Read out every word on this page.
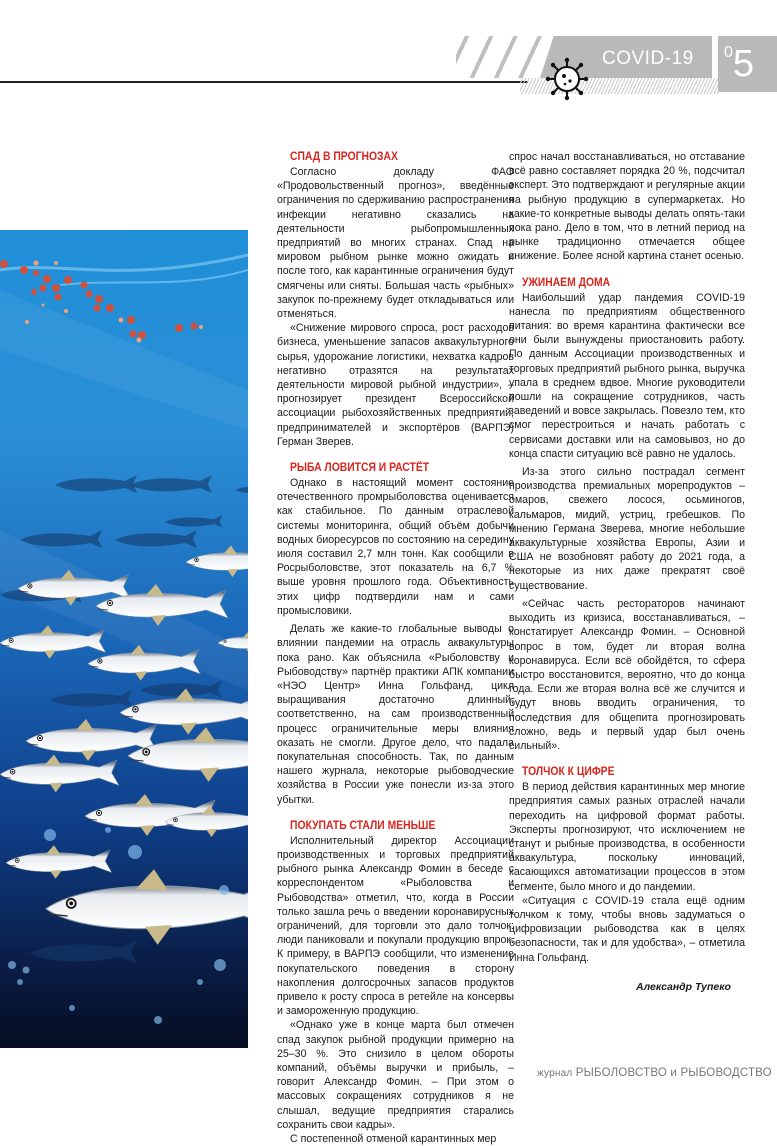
COVID-19 $^0$5
СПАД В ПРОГНОЗАХ

Согласно докладу ФАО «Продовольственный прогноз», введённые ограничения по сдерживанию распространения инфекции негативно сказались на деятельности рыбопромышленных предприятий во многих странах. Спад на мировом рыбном рынке можно ожидать и после того, как карантинные ограничения будут смягчены или сняты. Большая часть «рыбных» закупок по-прежнему будет откладываться или отменяться.

«Снижение мирового спроса, рост расходов бизнеса, уменьшение запасов аквакультурного сырья, удорожание логистики, нехватка кадров негативно отразятся на результатах деятельности мировой рыбной индустрии», – прогнозирует президент Всероссийской ассоциации рыбохозяйственных предприятий, предпринимателей и экспортёров (ВАРПЭ) Герман Зверев.

РЫБА ЛОВИТСЯ И РАСТЁТ

Однако в настоящий момент состояние отечественного промрыболовства оценивается как стабильное. По данным отраслевой системы мониторинга, общий объём добычи водных биоресурсов по состоянию на середину июля составил 2,7 млн тонн. Как сообщили в Росрыболовстве, этот показатель на 6,7 % выше уровня прошлого года. Объективность этих цифр подтвердили нам и сами промысловики.

Делать же какие-то глобальные выводы о влиянии пандемии на отрасль аквакультуры пока рано. Как объяснила «Рыболовству и Рыбоводству» партнёр практики АПК компании «НЭО Центр» Инна Гольфанд, цикл выращивания достаточно длинный, соответственно, на сам производственный процесс ограничительные меры влияния оказать не смогли. Другое дело, что падала покупательная способность. Так, по данным нашего журнала, некоторые рыбоводческие хозяйства в России уже понесли из-за этого убытки.

ПОКУПАТЬ СТАЛИ МЕНЬШЕ

Исполнительный директор Ассоциации производственных и торговых предприятий рыбного рынка Александр Фомин в беседе с корреспондентом «Рыболовства и Рыбоводства» отметил, что, когда в России только зашла речь о введении коронавирусных ограничений, для торговли это дало толчок: люди паниковали и покупали продукцию впрок. К примеру, в ВАРПЭ сообщили, что изменение покупательского поведения в сторону накопления долгосрочных запасов продуктов привело к росту спроса в ретейле на консервы и замороженную продукцию.

«Однако уже в конце марта был отмечен спад закупок рыбной продукции примерно на 25–30 %. Это снизило в целом обороты компаний, объёмы выручки и прибыль, – говорит Александр Фомин. – При этом о массовых сокращениях сотрудников я не слышал, ведущие предприятия старались сохранить свои кадры».

С постепенной отменой карантинных мер

спрос начал восстанавливаться, но отставание всё равно составляет порядка 20 %, подсчитал эксперт. Это подтверждают и регулярные акции на рыбную продукцию в супермаркетах. Но какие-то конкретные выводы делать опять-таки пока рано. Дело в том, что в летний период на рынке традиционно отмечается общее снижение. Более ясной картина станет осенью.

УЖИНАЕМ ДОМА

Наибольший удар пандемия COVID-19 нанесла по предприятиям общественного питания: во время карантина фактически все они были вынуждены приостановить работу. По данным Ассоциации производственных и торговых предприятий рыбного рынка, выручка упала в среднем вдвое. Многие руководители пошли на сокращение сотрудников, часть заведений и вовсе закрылась. Повезло тем, кто смог перестроиться и начать работать с сервисами доставки или на самовывоз, но до конца спасти ситуацию всё равно не удалось.

Из-за этого сильно пострадал сегмент производства премиальных морепродуктов – омаров, свежего лосося, осьминогов, кальмаров, мидий, устриц, гребешков. По мнению Германа Зверева, многие небольшие аквакультурные хозяйства Европы, Азии и США не возобновят работу до 2021 года, а некоторые из них даже прекратят своё существование.

«Сейчас часть рестораторов начинают выходить из кризиса, восстанавливаться, – констатирует Александр Фомин. – Основной вопрос в том, будет ли вторая волна коронавируса. Если всё обойдётся, то сфера быстро восстановится, вероятно, что до конца года. Если же вторая волна всё же случится и будут вновь вводить ограничения, то последствия для общепита прогнозировать сложно, ведь и первый удар был очень сильный».

ТОЛЧОК К ЦИФРЕ

В период действия карантинных мер многие предприятия самых разных отраслей начали переходить на цифровой формат работы. Эксперты прогнозируют, что исключением не станут и рыбные производства, в особенности аквакультура, поскольку инноваций, касающихся автоматизации процессов в этом сегменте, было много и до пандемии.

«Ситуация с COVID-19 стала ещё одним толчком к тому, чтобы вновь задуматься о цифровизации рыбоводства как в целях безопасности, так и для удобства», – отметила Инна Гольфанд.

Александр Тупеко
журнал РЫБОЛОВСТВО и РЫБОВОДСТВО
